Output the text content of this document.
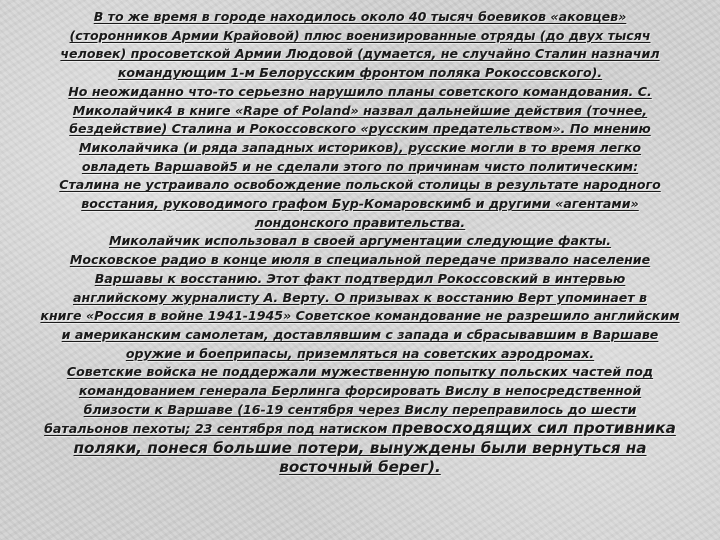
В то же время в городе находилось около 40 тысяч боевиков «аковцев»
(сторонников Армии Крайовой) плюс военизированные отряды (до двух тысяч
человек) просоветской Армии Людовой (думается, не случайно Сталин назначил
командующим 1-м Белорусским фронтом поляка Рокоссовского).
Но неожиданно что-то серьезно нарушило планы советского командования. С.
Миколайчик4 в книге «Rape of Poland» назвал дальнейшие действия (точнее,
бездействие) Сталина и Рокоссовского «русским предательством». По мнению
Миколайчика (и ряда западных историков), русские могли в то время легко
овладеть Варшавой5 и не сделали этого по причинам чисто политическим:
Сталина не устраивало освобождение польской столицы в результате народного
восстания, руководимого графом Бур-Комаровскимб и другими «агентами»
лондонского правительства.
Миколайчик использовал в своей аргументации следующие факты.
Московское радио в конце июля в специальной передаче призвало население
Варшавы к восстанию. Этот факт подтвердил Рокоссовский в интервью
английскому журналисту А. Верту. О призывах к восстанию Верт упоминает в
книге «Россия в войне 1941-1945» Советское командование не разрешило английским
и американским самолетам, доставлявшим с запада и сбрасывавшим в Варшаве
оружие и боеприпасы, приземляться на советских аэродромах.
Советские войска не поддержали мужественную попытку польских частей под
командованием генерала Берлинга форсировать Вислу в непосредственной
близости к Варшаве (16-19 сентября через Вислу переправилось до шести
батальонов пехоты; 23 сентября под натиском превосходящих сил противника
поляки, понеся большие потери, вынуждены были вернуться на
восточный берег).
